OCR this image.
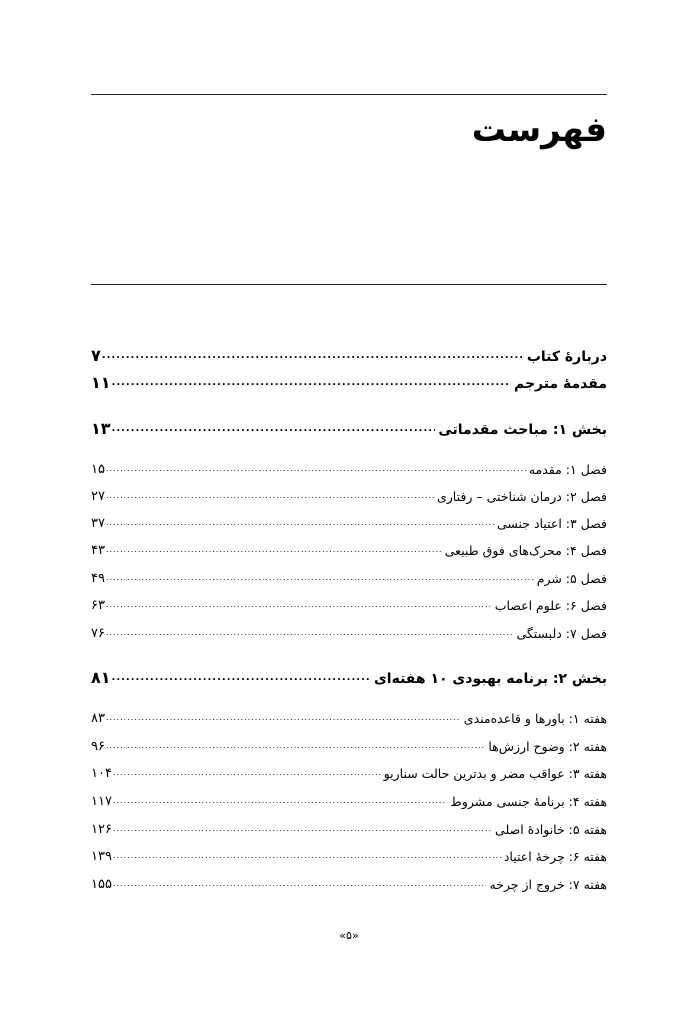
فهرست
دربارهٔ کتاب
.....
۷
مقدمهٔ مترجم
.....
۱۱
بخش ۱: مباحث مقدماتی
.....
۱۳
فصل ۱: مقدمه
.....
۱۵
فصل ۲: درمان شناختی – رفتاری
.....
۲۷
فصل ۳: اعتیاد جنسی
.....
۳۷
فصل ۴: محرک‌های فوق طبیعی
.....
۴۳
فصل ۵: شرم
.....
۴۹
فصل ۶: علوم اعصاب
.....
۶۳
فصل ۷: دلبستگی
.....
۷۶
بخش ۲: برنامه بهبودی ۱۰ هفته‌ای
.....
۸۱
هفته ۱: باورها و قاعده‌مندی
.....
۸۳
هفته ۲: وضوح ارزش‌ها
.....
۹۶
هفته ۳: عواقب مضر و بدترین حالت سناریو
.....
۱۰۴
هفته ۴: برنامهٔ جنسی مشروط
.....
۱۱۷
هفته ۵: خانوادهٔ اصلی
.....
۱۲۶
هفته ۶: چرخهٔ اعتیاد
.....
۱۳۹
هفته ۷: خروج از چرخه
.....
۱۵۵
«۵»
